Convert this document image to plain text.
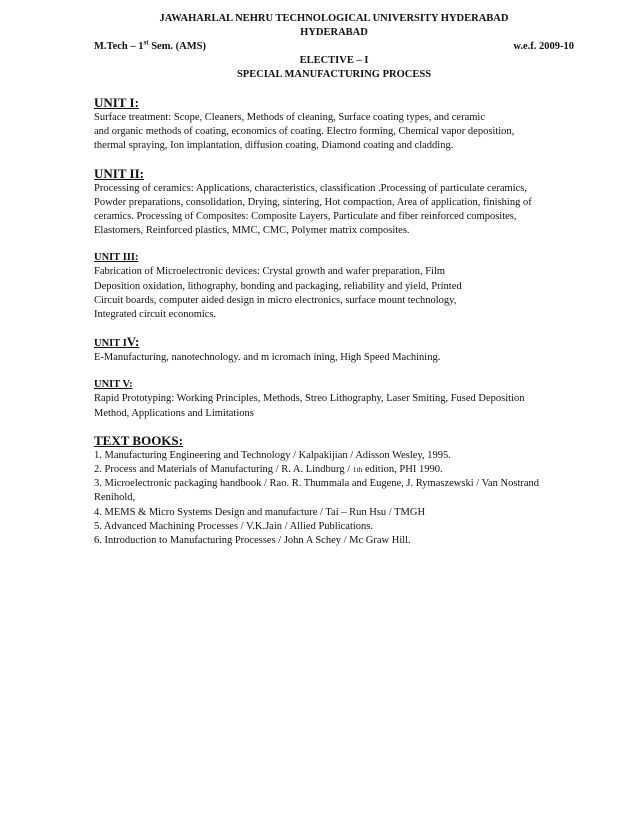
JAWAHARLAL NEHRU TECHNOLOGICAL UNIVERSITY HYDERABAD
HYDERABAD
M.Tech – 1st Sem. (AMS)	w.e.f. 2009-10
ELECTIVE – I
SPECIAL MANUFACTURING PROCESS
UNIT I:
Surface treatment: Scope, Cleaners, Methods of cleaning, Surface coating types, and ceramic
and organic methods of coating, economics of coating. Electro forming, Chemical vapor deposition,
thermal spraying, Ion implantation, diffusion coating, Diamond coating and cladding.
UNIT II:
Processing of ceramics: Applications, characteristics, classification .Processing of particulate ceramics,
Powder preparations, consolidation, Drying, sintering, Hot compaction, Area of application, finishing of
ceramics. Processing of Composites: Composite Layers, Particulate and fiber reinforced composites,
Elastomers, Reinforced plastics, MMC, CMC, Polymer matrix composites.
UNIT III:
Fabrication of Microelectronic devices: Crystal growth and wafer preparation, Film
Deposition oxidation, lithography, bonding and packaging, reliability and yield, Printed
Circuit boards, computer aided design in micro electronics, surface mount technology,
Integrated circuit economics.
UNIT IV:
E-Manufacturing, nanotechnology. and m icromach ining, High Speed Machining.
UNIT V:
Rapid Prototyping: Working Principles, Methods, Streo Lithography, Laser Smiting, Fused Deposition
Method, Applications and Limitations
TEXT BOOKS:
1. Manufacturing Engineering and Technology / Kalpakijian / Adisson Wesley, 1995.
2. Process and Materials of Manufacturing / R. A. Lindburg / 1th edition, PHI 1990.
3. Microelectronic packaging handbook / Rao. R. Thummala and Eugene, J. Rymaszewski / Van Nostrand
Renihold,
4. MEMS & Micro Systems Design and manufacture / Tai – Run Hsu / TMGH
5. Advanced Machining Processes / V.K.Jain / Allied Publications.
6. Introduction to Manufacturing Processes / John A Schey / Mc Graw Hill.
